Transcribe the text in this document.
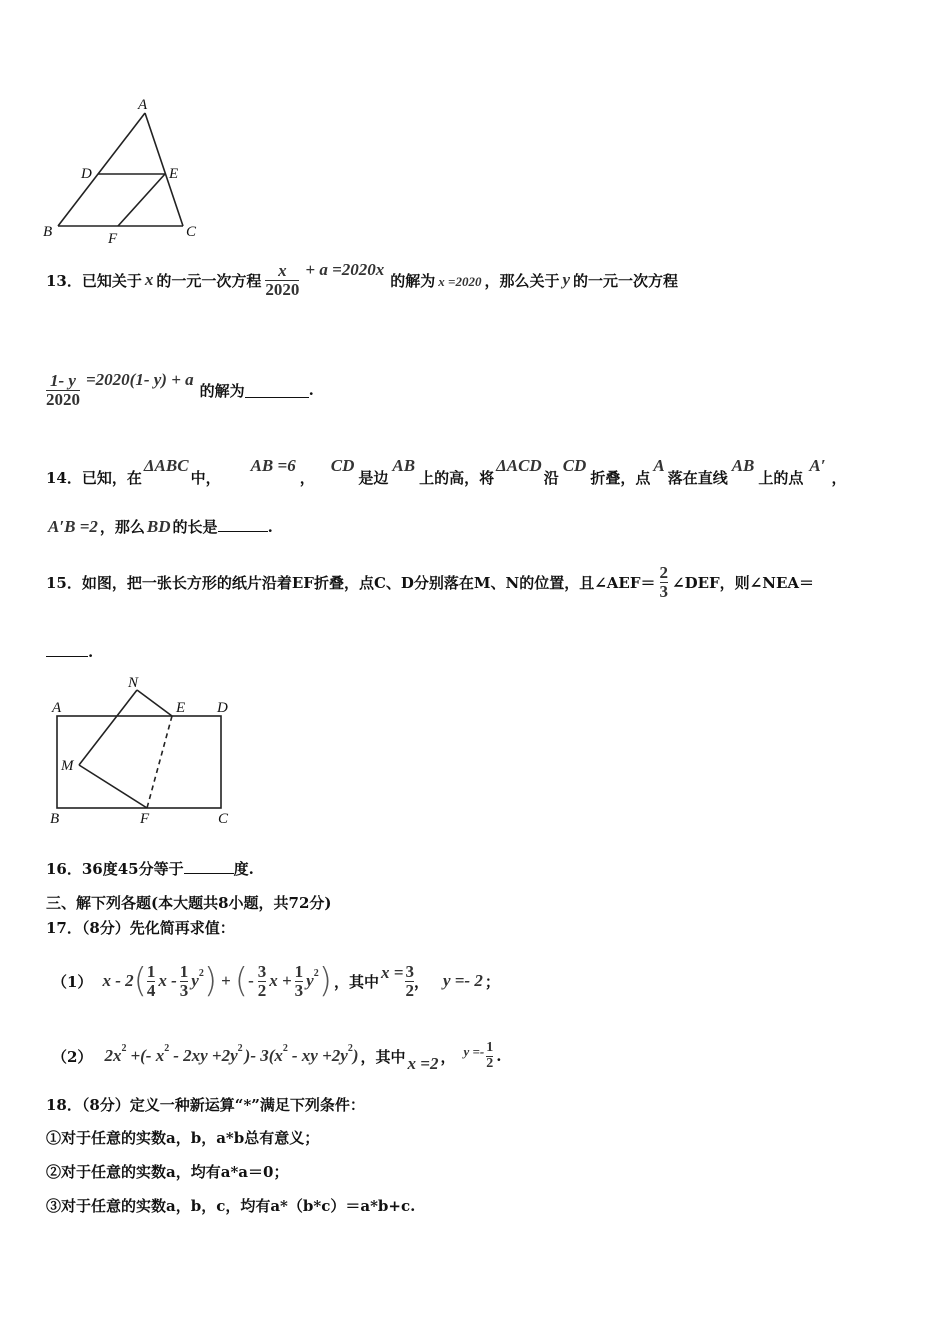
A
D	E
B	F	C
13． 已知关于 x 的一元一次方程 $\frac{x}{2020} + a =2020x$
的解为 x =2020 ，那么关于 y 的一元一次方程
$\frac{1- y}{2020} =2020(1-$ y) + a
的解为	.
14． 已知，在
ΔABC
中，
AB =6
，
CD
是边
AB
上的高，将
ΔACD
沿
CD
折叠，点
A
落在直线
AB
上的点
A′
，
A′B =2 ，那么 BD 的长是	.
15． 如图，把一张长方形的纸片沿着EF折叠，点C、D分别落在M、N的位置，且∠AEF＝ $\frac{2}{3}$ ∠DEF，则∠NEA＝
.
N
A	E D
M
B	F	C
16． 36度45分等于	度.
三、解下列各题(本大题共8小题，共72分)
17．（8分）先化简再求值：
（1） x - 2 ( $\frac{1}{4}$ x - $\frac{1}{3} y^2$ ) + ( - $\frac{3}{2}$ $x + \frac{1}{3} y^2$ ) ，其中 $x = \frac{3}{2}$ ， y =- 2 ；
（2） $2x^2$ +(- $x^2 - 2xy +2y^2$ )- $3(x^2$ - xy $+2y^2$ ) ，其中 x =2 ， $y =- \frac{1}{2}$ .
18．（8分）定义一种新运算“*”满足下列条件：
①对于任意的实数a，b，a*b总有意义；
②对于任意的实数a，均有a*a＝0；
③对于任意的实数a，b，c，均有a*（b*c）＝a*b+c.
